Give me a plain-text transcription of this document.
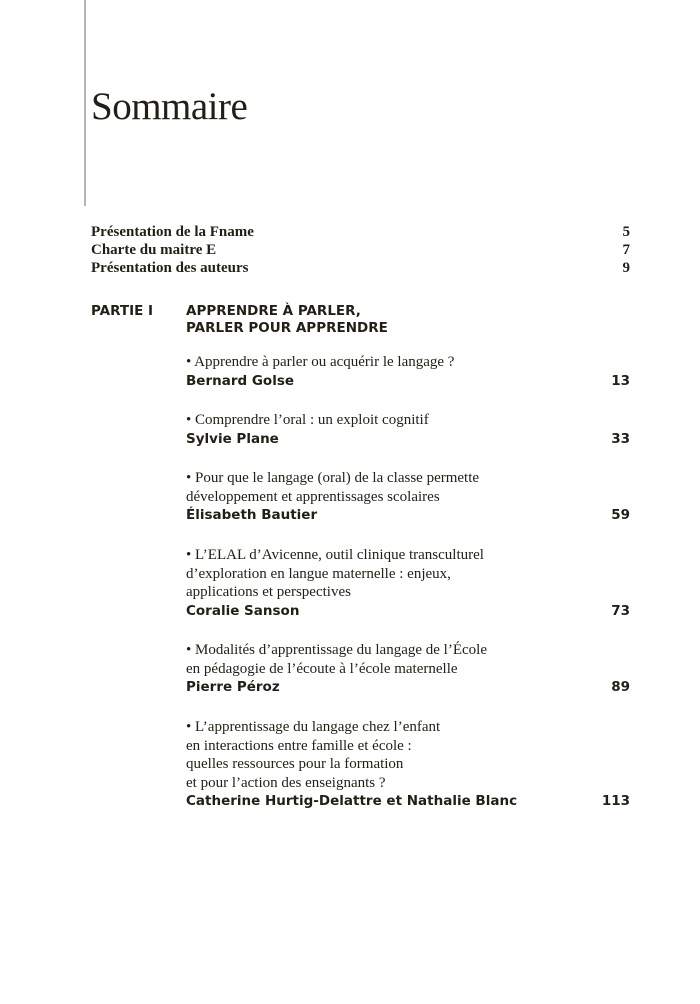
Sommaire
PARTIE I APPRENDRE À PARLER,
PARLER POUR APPRENDRE
Présentation de la Fname	5
Charte du maitre E	7
Présentation des auteurs	9
• Apprendre à parler ou acquérir le langage ?
Bernard Golse	13
• Comprendre l’oral : un exploit cognitif
Sylvie Plane	33
• Pour que le langage (oral) de la classe permette
développement et apprentissages scolaires
Élisabeth Bautier	59
• L’ELAL d’Avicenne, outil clinique transculturel
d’exploration en langue maternelle : enjeux,
applications et perspectives
Coralie Sanson	73
• Modalités d’apprentissage du langage de l’École
en pédagogie de l’écoute à l’école maternelle
Pierre Péroz	89
• L’apprentissage du langage chez l’enfant
en interactions entre famille et école :
quelles ressources pour la formation
et pour l’action des enseignants ?
Catherine Hurtig-Delattre et Nathalie Blanc	113
